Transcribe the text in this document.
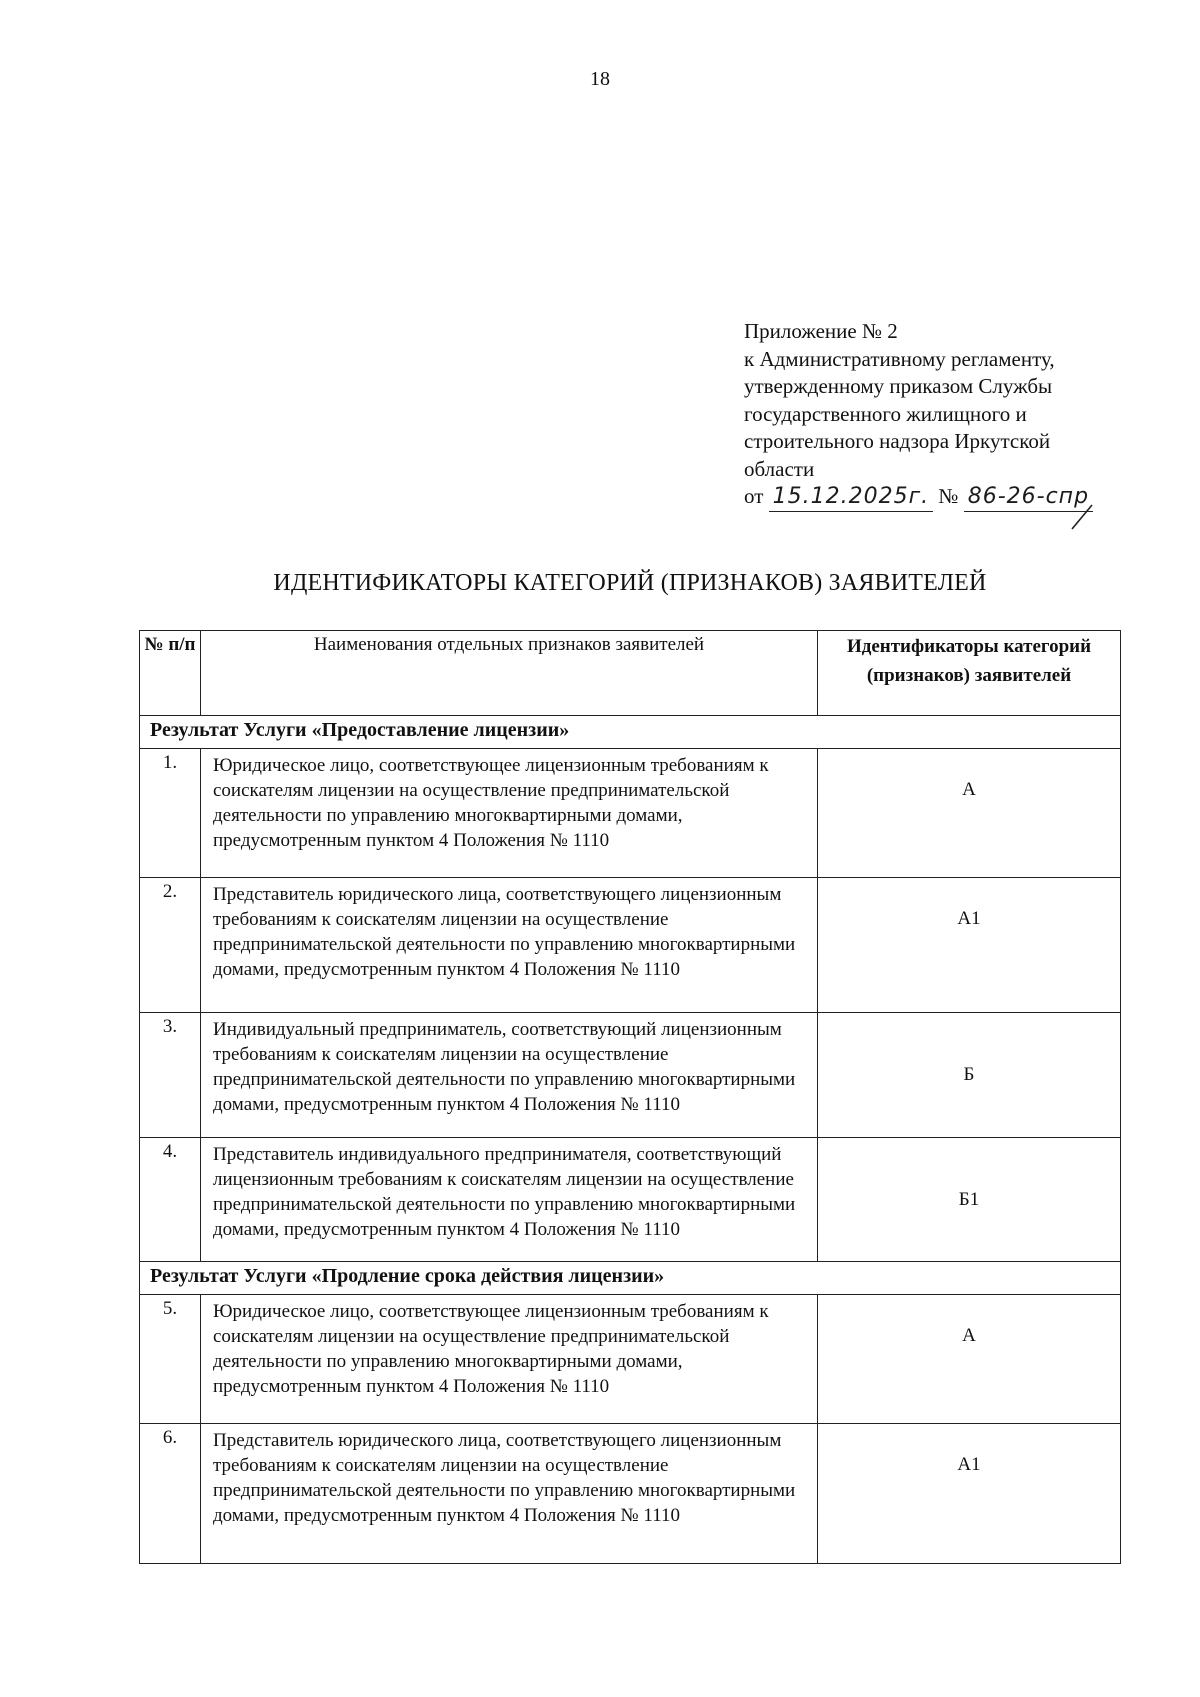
18
Приложение № 2
к Административному регламенту,
утвержденному приказом Службы
государственного жилищного и
строительного надзора Иркутской
области
от 15.12.2025г. № 86-26-спр
ИДЕНТИФИКАТОРЫ КАТЕГОРИЙ (ПРИЗНАКОВ) ЗАЯВИТЕЛЕЙ
№ п/п	Наименования отдельных признаков заявителей	Идентификаторы категорий (признаков) заявителей
Результат Услуги «Предоставление лицензии»		
1.	Юридическое лицо, соответствующее лицензионным требованиям к соискателям лицензии на осуществление предпринимательской деятельности по управлению многоквартирными домами, предусмотренным пунктом 4 Положения № 1110	А
2.	Представитель юридического лица, соответствующего лицензионным требованиям к соискателям лицензии на осуществление предпринимательской деятельности по управлению многоквартирными домами, предусмотренным пунктом 4 Положения № 1110	А1
3.	Индивидуальный предприниматель, соответствующий лицензионным требованиям к соискателям лицензии на осуществление предпринимательской деятельности по управлению многоквартирными домами, предусмотренным пунктом 4 Положения № 1110	Б
4.	Представитель индивидуального предпринимателя, соответствующий лицензионным требованиям к соискателям лицензии на осуществление предпринимательской деятельности по управлению многоквартирными домами, предусмотренным пунктом 4 Положения № 1110	Б1
Результат Услуги «Продление срока действия лицензии»		
5.	Юридическое лицо, соответствующее лицензионным требованиям к соискателям лицензии на осуществление предпринимательской деятельности по управлению многоквартирными домами, предусмотренным пунктом 4 Положения № 1110	А
6.	Представитель юридического лица, соответствующего лицензионным требованиям к соискателям лицензии на осуществление предпринимательской деятельности по управлению многоквартирными домами, предусмотренным пунктом 4 Положения № 1110	А1
